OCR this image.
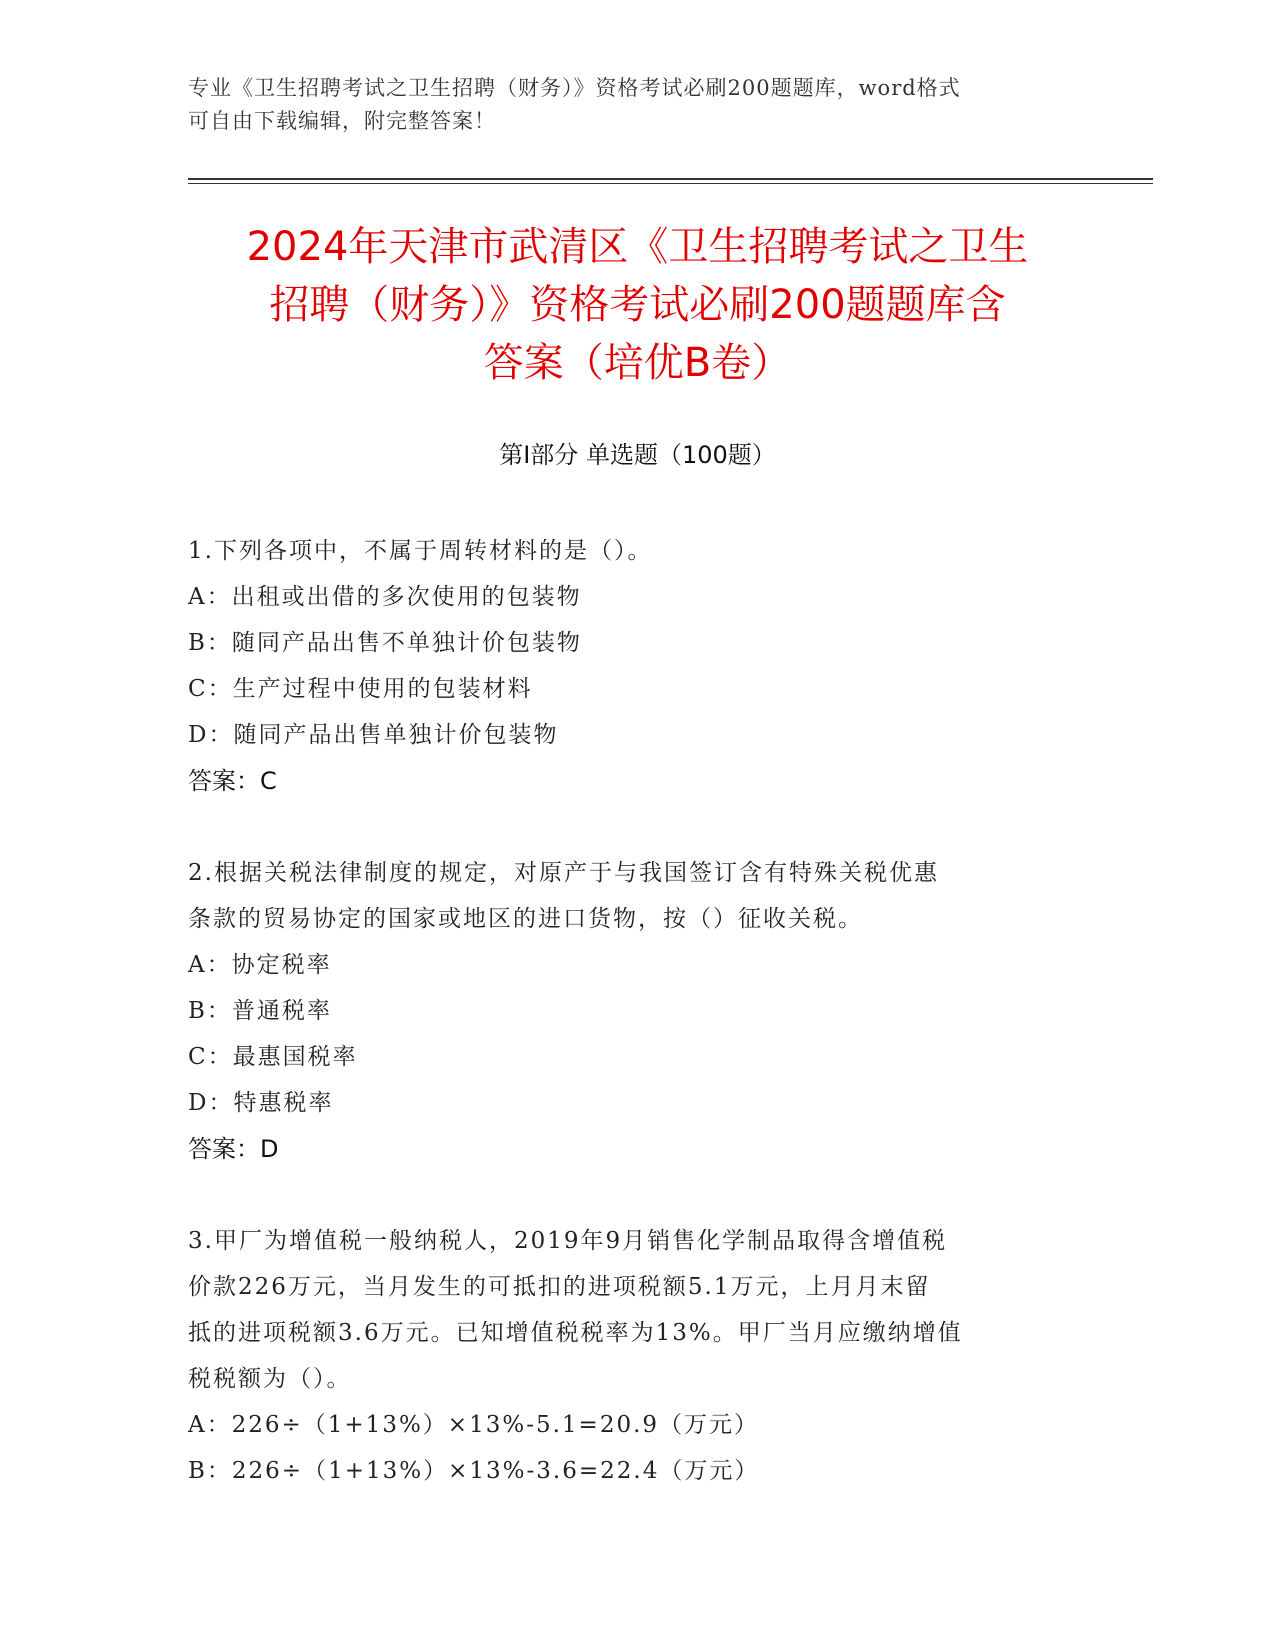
专业《卫生招聘考试之卫生招聘（财务）》资格考试必刷200题题库，word格式
可自由下载编辑，附完整答案！
2024年天津市武清区《卫生招聘考试之卫生
招聘（财务）》资格考试必刷200题题库含
答案（培优B卷）
第Ⅰ部分 单选题（100题）

1.下列各项中，不属于周转材料的是（）。

A：出租或出借的多次使用的包装物

B：随同产品出售不单独计价包装物

C：生产过程中使用的包装材料

D：随同产品出售单独计价包装物

答案：C

2.根据关税法律制度的规定，对原产于与我国签订含有特殊关税优惠

条款的贸易协定的国家或地区的进口货物，按（）征收关税。

A：协定税率

B：普通税率

C：最惠国税率

D：特惠税率

答案：D

3.甲厂为增值税一般纳税人，2019年9月销售化学制品取得含增值税

价款226万元，当月发生的可抵扣的进项税额5.1万元，上月月末留

抵的进项税额3.6万元。已知增值税税率为13%。甲厂当月应缴纳增值

税税额为（）。

A：226÷（1+13%）×13%-5.1=20.9（万元）

B：226÷（1+13%）×13%-3.6=22.4（万元）
